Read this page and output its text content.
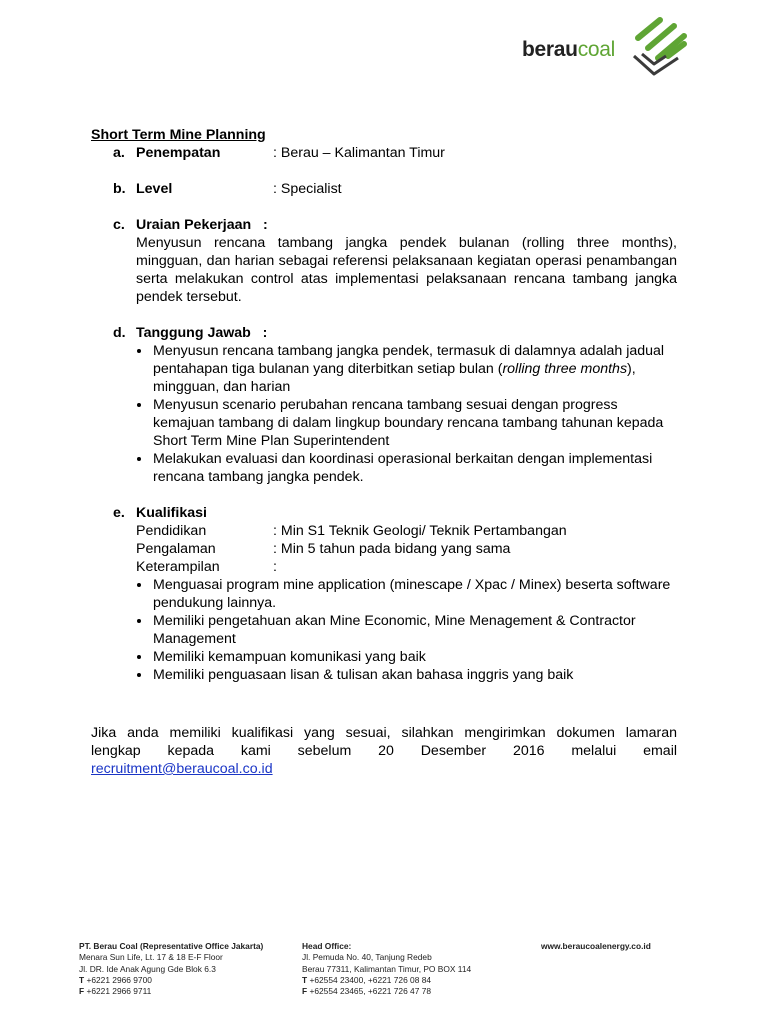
beraucoal
Short Term Mine Planning
a. Penempatan	: Berau – Kalimantan Timur
b. Level	: Specialist
c. Uraian Pekerjaan   :
Menyusun rencana tambang jangka pendek bulanan (rolling three months), mingguan, dan harian sebagai referensi pelaksanaan kegiatan operasi penambangan serta melakukan control atas implementasi pelaksanaan rencana tambang jangka pendek tersebut.
d. Tanggung Jawab   :
• Menyusun rencana tambang jangka pendek, termasuk di dalamnya adalah jadual pentahapan tiga bulanan yang diterbitkan setiap bulan (rolling three months), mingguan, dan harian
• Menyusun scenario perubahan rencana tambang sesuai dengan progress kemajuan tambang di dalam lingkup boundary rencana tambang tahunan kepada Short Term Mine Plan Superintendent
• Melakukan evaluasi dan koordinasi operasional berkaitan dengan implementasi rencana tambang jangka pendek.
e. Kualifikasi
Pendidikan	: Min S1 Teknik Geologi/ Teknik Pertambangan
Pengalaman	: Min 5 tahun pada bidang yang sama
Keterampilan	:
• Menguasai program mine application (minescape / Xpac / Minex) beserta software pendukung lainnya.
• Memiliki pengetahuan akan Mine Economic, Mine Menagement & Contractor Management
• Memiliki kemampuan komunikasi yang baik
• Memiliki penguasaan lisan & tulisan akan bahasa inggris yang baik
Jika anda memiliki kualifikasi yang sesuai, silahkan mengirimkan dokumen lamaran
lengkap kepada kami sebelum 20 Desember 2016 melalui email
recruitment@beraucoal.co.id
PT. Berau Coal (Representative Office Jakarta)
Menara Sun Life, Lt. 17 & 18 E-F Floor
Jl. DR. Ide Anak Agung Gde Blok 6.3
T +6221 2966 9700
F +6221 2966 9711
Head Office:
Jl. Pemuda No. 40, Tanjung Redeb
Berau 77311, Kalimantan Timur, PO BOX 114
T +62554 23400, +6221 726 08 84
F +62554 23465, +6221 726 47 78
www.beraucoalenergy.co.id
